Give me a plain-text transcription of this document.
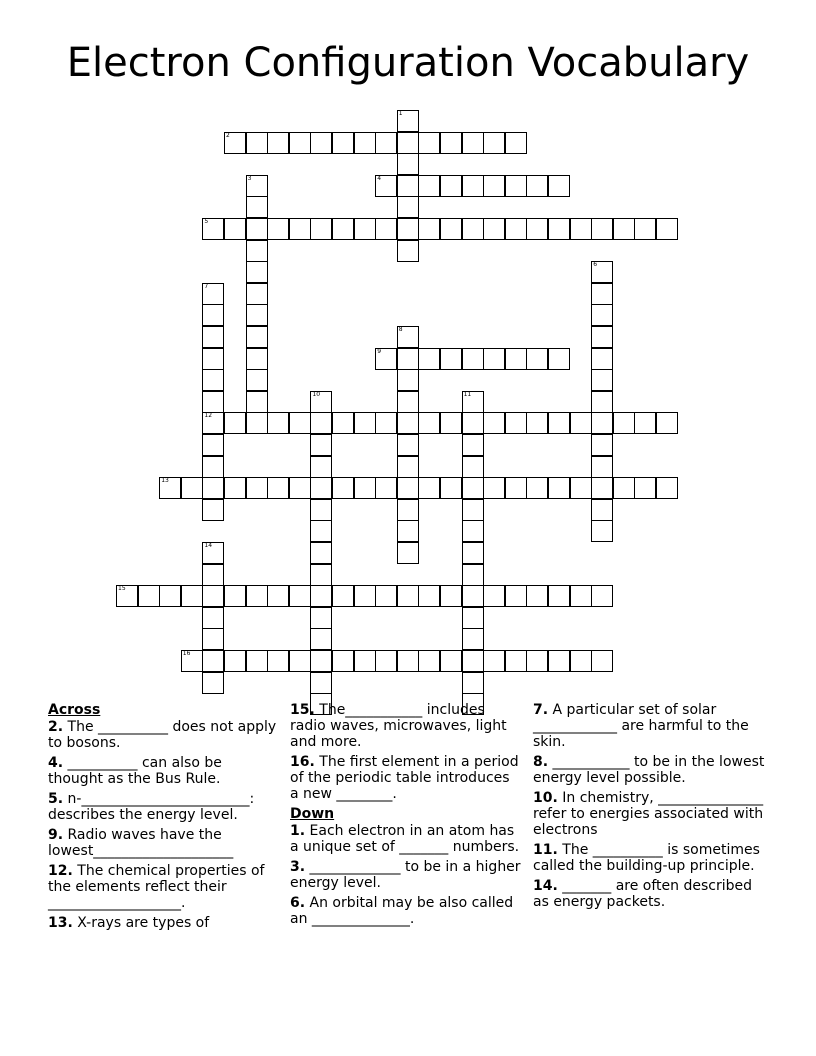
Electron Configuration Vocabulary
1
2
3	4
5
6
7
12
8
9
10	11
13
14
15
16
Across
2. The __________ does not apply to bosons.
4. __________ can also be thought as the Bus Rule.
5. n-________________________: describes the energy level.
9. Radio waves have the lowest____________________
12. The chemical properties of the elements reflect their ___________________.
13. X-rays are types of
15. The___________ includes radio waves, microwaves, light and more.
16. The first element in a period of the periodic table introduces a new ________.
Down
1. Each electron in an atom has a unique set of _______ numbers.
3. _____________ to be in a higher energy level.
6. An orbital may be also called an ______________.
7. A particular set of solar ____________ are harmful to the skin.
8. ___________ to be in the lowest energy level possible.
10. In chemistry, _______________ refer to energies associated with electrons
11. The __________ is sometimes called the building-up principle.
14. _______ are often described as energy packets.
